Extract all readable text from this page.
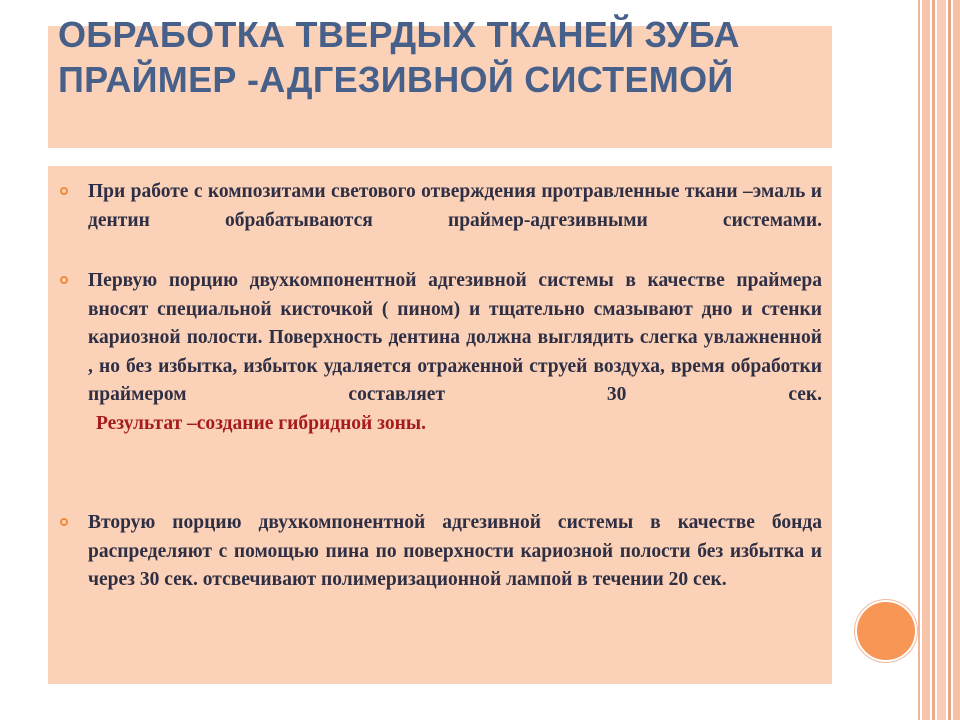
ОБРАБОТКА ТВЕРДЫХ ТКАНЕЙ ЗУБА ПРАЙМЕР -АДГЕЗИВНОЙ СИСТЕМОЙ
При работе с композитами светового отверждения протравленные ткани –эмаль и дентин обрабатываются праймер-адгезивными системами.
Первую порцию двухкомпонентной адгезивной системы в качестве праймера вносят специальной кисточкой ( пином) и тщательно смазывают дно и стенки кариозной полости. Поверхность дентина должна выглядить слегка увлажненной , но без избытка, избыток удаляется отраженной струей воздуха, время обработки праймером составляет 30 сек.
Результат –создание гибридной зоны.
Вторую порцию двухкомпонентной адгезивной системы в качестве бонда распределяют с помощью пина по поверхности кариозной полости без избытка и через 30 сек. отсвечивают полимеризационной лампой в течении 20 сек.
